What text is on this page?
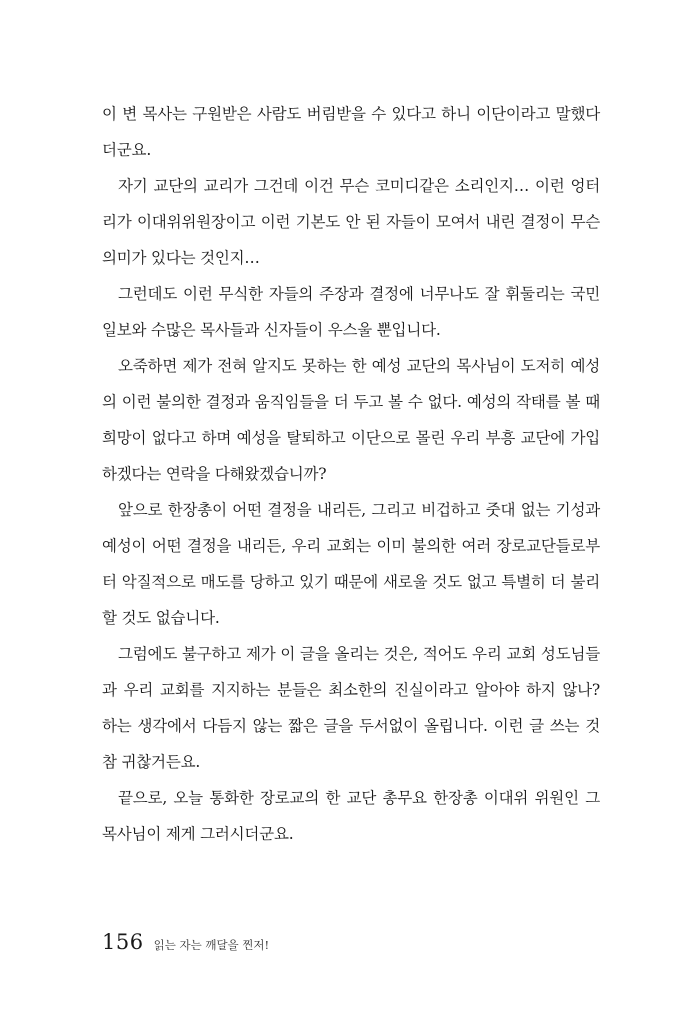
이 변 목사는 구원받은 사람도 버림받을 수 있다고 하니 이단이라고 말했다더군요.

자기 교단의 교리가 그건데 이건 무슨 코미디같은 소리인지… 이런 엉터리가 이대위위원장이고 이런 기본도 안 된 자들이 모여서 내린 결정이 무슨 의미가 있다는 것인지…

그런데도 이런 무식한 자들의 주장과 결정에 너무나도 잘 휘둘리는 국민일보와 수많은 목사들과 신자들이 우스울 뿐입니다.

오죽하면 제가 전혀 알지도 못하는 한 예성 교단의 목사님이 도저히 예성의 이런 불의한 결정과 움직임들을 더 두고 볼 수 없다. 예성의 작태를 볼 때 희망이 없다고 하며 예성을 탈퇴하고 이단으로 몰린 우리 부흥 교단에 가입하겠다는 연락을 다해왔겠습니까?

앞으로 한장총이 어떤 결정을 내리든, 그리고 비겁하고 줏대 없는 기성과 예성이 어떤 결정을 내리든, 우리 교회는 이미 불의한 여러 장로교단들로부터 악질적으로 매도를 당하고 있기 때문에 새로울 것도 없고 특별히 더 불리할 것도 없습니다.

그럼에도 불구하고 제가 이 글을 올리는 것은, 적어도 우리 교회 성도님들과 우리 교회를 지지하는 분들은 최소한의 진실이라고 알아야 하지 않나? 하는 생각에서 다듬지 않는 짧은 글을 두서없이 올립니다. 이런 글 쓰는 것 참 귀찮거든요.

끝으로, 오늘 통화한 장로교의 한 교단 총무요 한장총 이대위 위원인 그 목사님이 제게 그러시더군요.

156 읽는 자는 깨달을 찐저!
